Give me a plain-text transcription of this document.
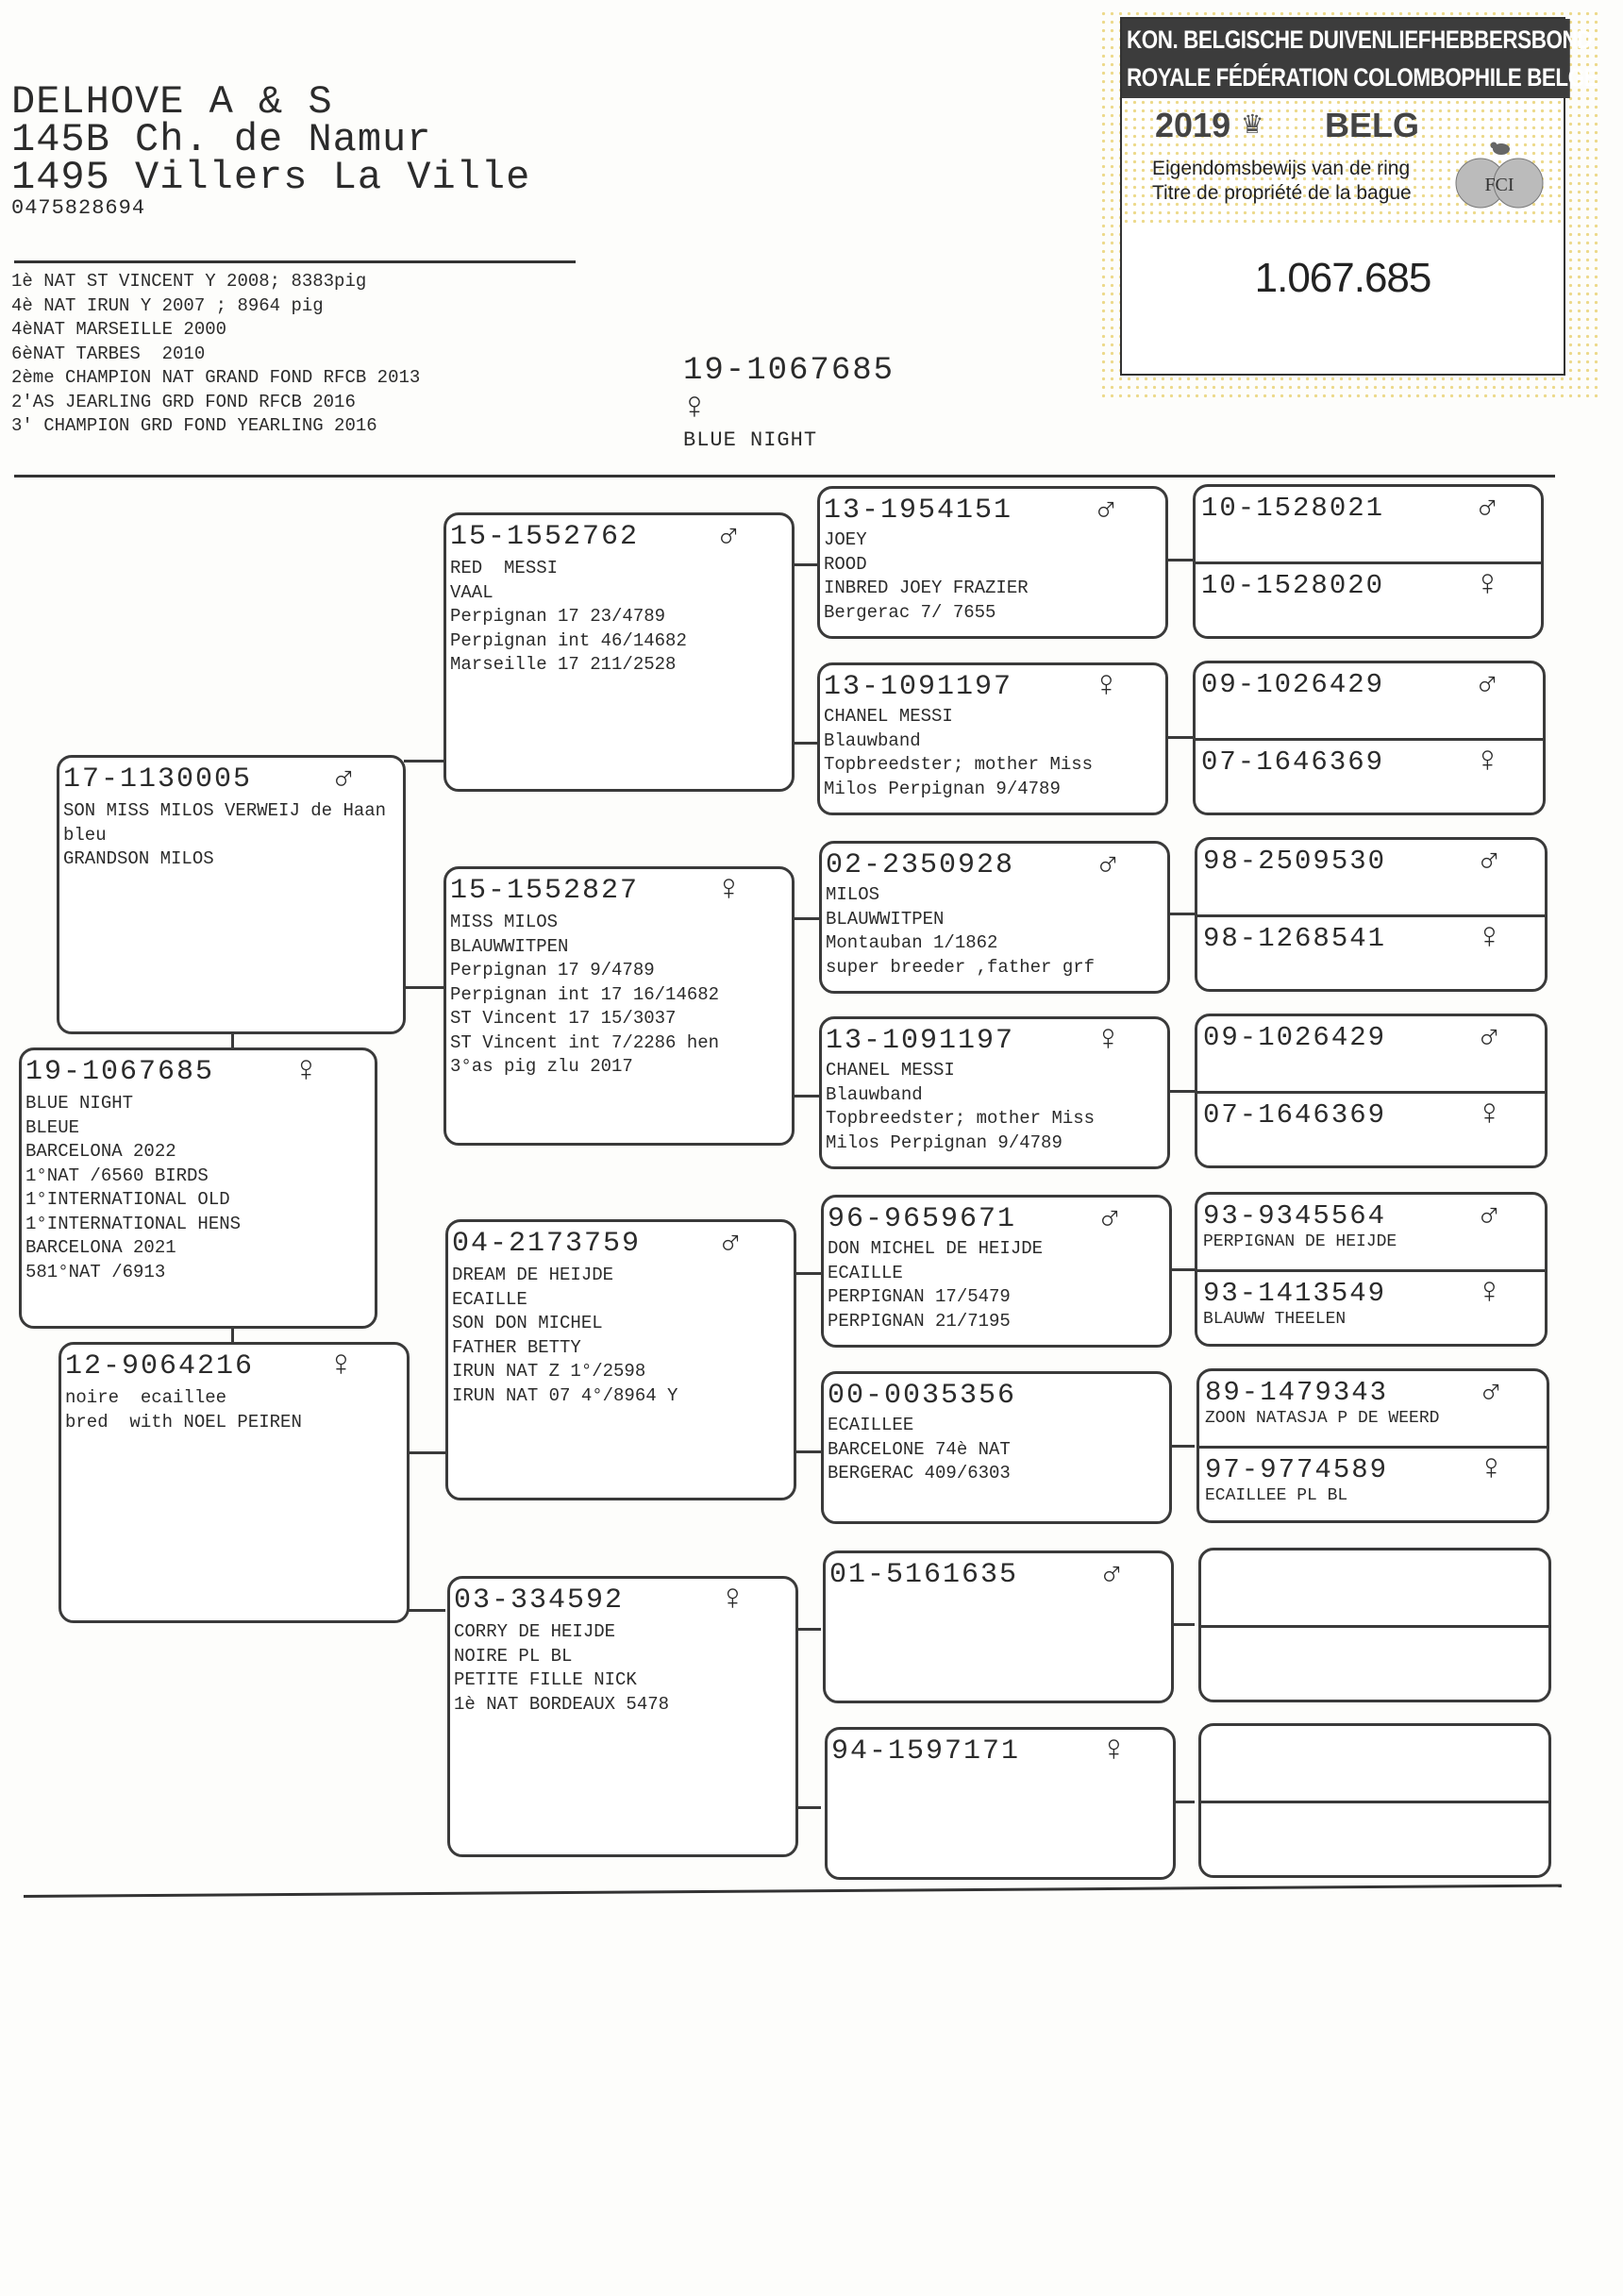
DELHOVE A & S
145B Ch. de Namur
1495 Villers La Ville
0475828694
1è NAT ST VINCENT Y 2008; 8383pig
4è NAT IRUN Y 2007 ; 8964 pig
4èNAT MARSEILLE 2000
6èNAT TARBES  2010
2ème CHAMPION NAT GRAND FOND RFCB 2013
2'AS JEARLING GRD FOND RFCB 2016
3' CHAMPION GRD FOND YEARLING 2016
19-1067685
♀
BLUE NIGHT
KON. BELGISCHE DUIVENLIEFHEBBERSBOND
ROYALE FÉDÉRATION COLOMBOPHILE BELGE
2019 ♛ BELG
Eigendomsbewijs van de ring
Titre de propriété de la bague	FCI
1.067.685
17-1130005 ♂
SON MISS MILOS VERWEIJ de Haan
bleu
GRANDSON MILOS
19-1067685 ♀
BLUE NIGHT
BLEUE
BARCELONA 2022
1°NAT /6560 BIRDS
1°INTERNATIONAL OLD
1°INTERNATIONAL HENS
BARCELONA 2021
581°NAT /6913
12-9064216 ♀
noire  ecaillee
bred  with NOEL PEIREN
15-1552762 ♂
RED  MESSI
VAAL
Perpignan 17 23/4789
Perpignan int 46/14682
Marseille 17 211/2528
15-1552827 ♀
MISS MILOS
BLAUWWITPEN
Perpignan 17 9/4789
Perpignan int 17 16/14682
ST Vincent 17 15/3037
ST Vincent int 7/2286 hen
3°as pig zlu 2017
04-2173759 ♂
DREAM DE HEIJDE
ECAILLE
SON DON MICHEL
FATHER BETTY
IRUN NAT Z 1°/2598
IRUN NAT 07 4°/8964 Y
03-334592	♀
CORRY DE HEIJDE
NOIRE PL BL
PETITE FILLE NICK
1è NAT BORDEAUX 5478
13-1954151 ♂
JOEY
ROOD
INBRED JOEY FRAZIER
Bergerac 7/ 7655
13-1091197 ♀
CHANEL MESSI
Blauwband
Topbreedster; mother Miss
Milos Perpignan 9/4789
02-2350928 ♂
MILOS
BLAUWWITPEN
Montauban 1/1862
super breeder ,father grf
13-1091197 ♀
CHANEL MESSI
Blauwband
Topbreedster; mother Miss
Milos Perpignan 9/4789
96-9659671 ♂
DON MICHEL DE HEIJDE
ECAILLE
PERPIGNAN 17/5479
PERPIGNAN 21/7195
00-0035356
ECAILLEE
BARCELONE 74è NAT
BERGERAC 409/6303
01-5161635 ♂
94-1597171 ♀
10-1528021	♂
10-1528020	♀
09-1026429	♂
07-1646369	♀
98-2509530	♂
98-1268541	♀
09-1026429	♂
07-1646369	♀
93-9345564	♂
PERPIGNAN DE HEIJDE
93-1413549	♀
BLAUWW THEELEN
89-1479343	♂
ZOON NATASJA P DE WEERD
97-9774589	♀
ECAILLEE PL BL
